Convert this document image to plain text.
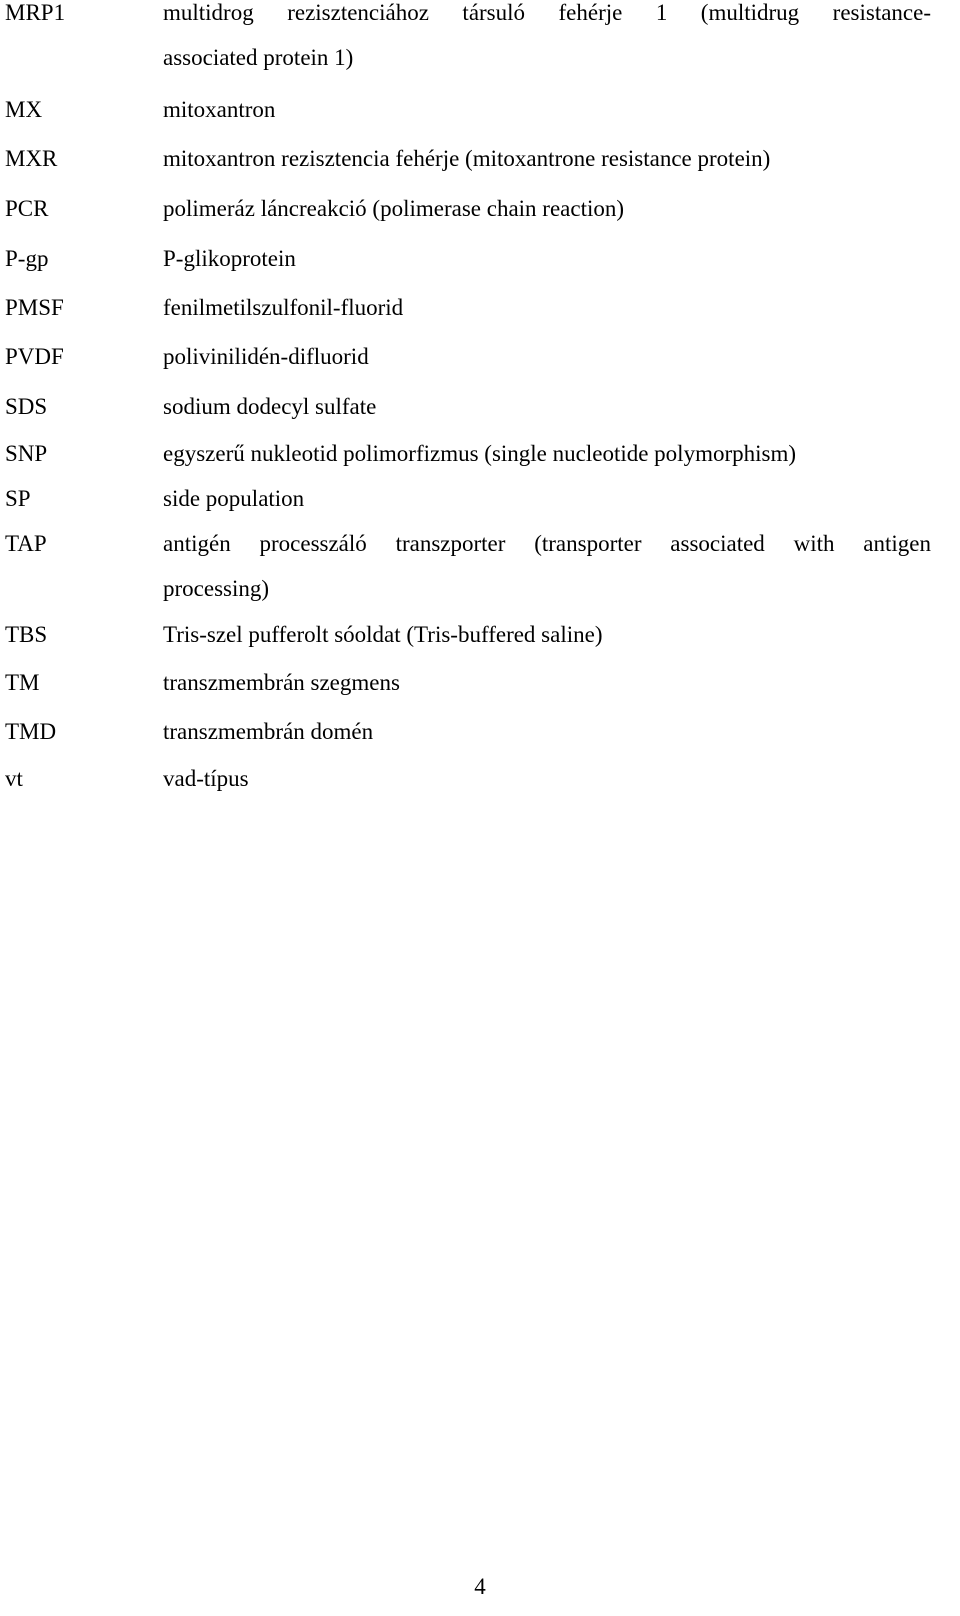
MRP1	multidrog rezisztenciához társuló fehérje 1 (multidrug resistance-
associated protein 1)
MX	mitoxantron
MXR	mitoxantron rezisztencia fehérje (mitoxantrone resistance protein)
PCR	polimeráz láncreakció (polimerase chain reaction)
P-gp	P-glikoprotein
PMSF	fenilmetilszulfonil-fluorid
PVDF	polivinilidén-difluorid
SDS	sodium dodecyl sulfate
SNP	egyszerű nukleotid polimorfizmus (single nucleotide polymorphism)
SP	side population
TAP	antigén processzáló transzporter (transporter associated with antigen
processing)
TBS	Tris-szel pufferolt sóoldat (Tris-buffered saline)
TM	transzmembrán szegmens
TMD	transzmembrán domén
vt	vad-típus
4
